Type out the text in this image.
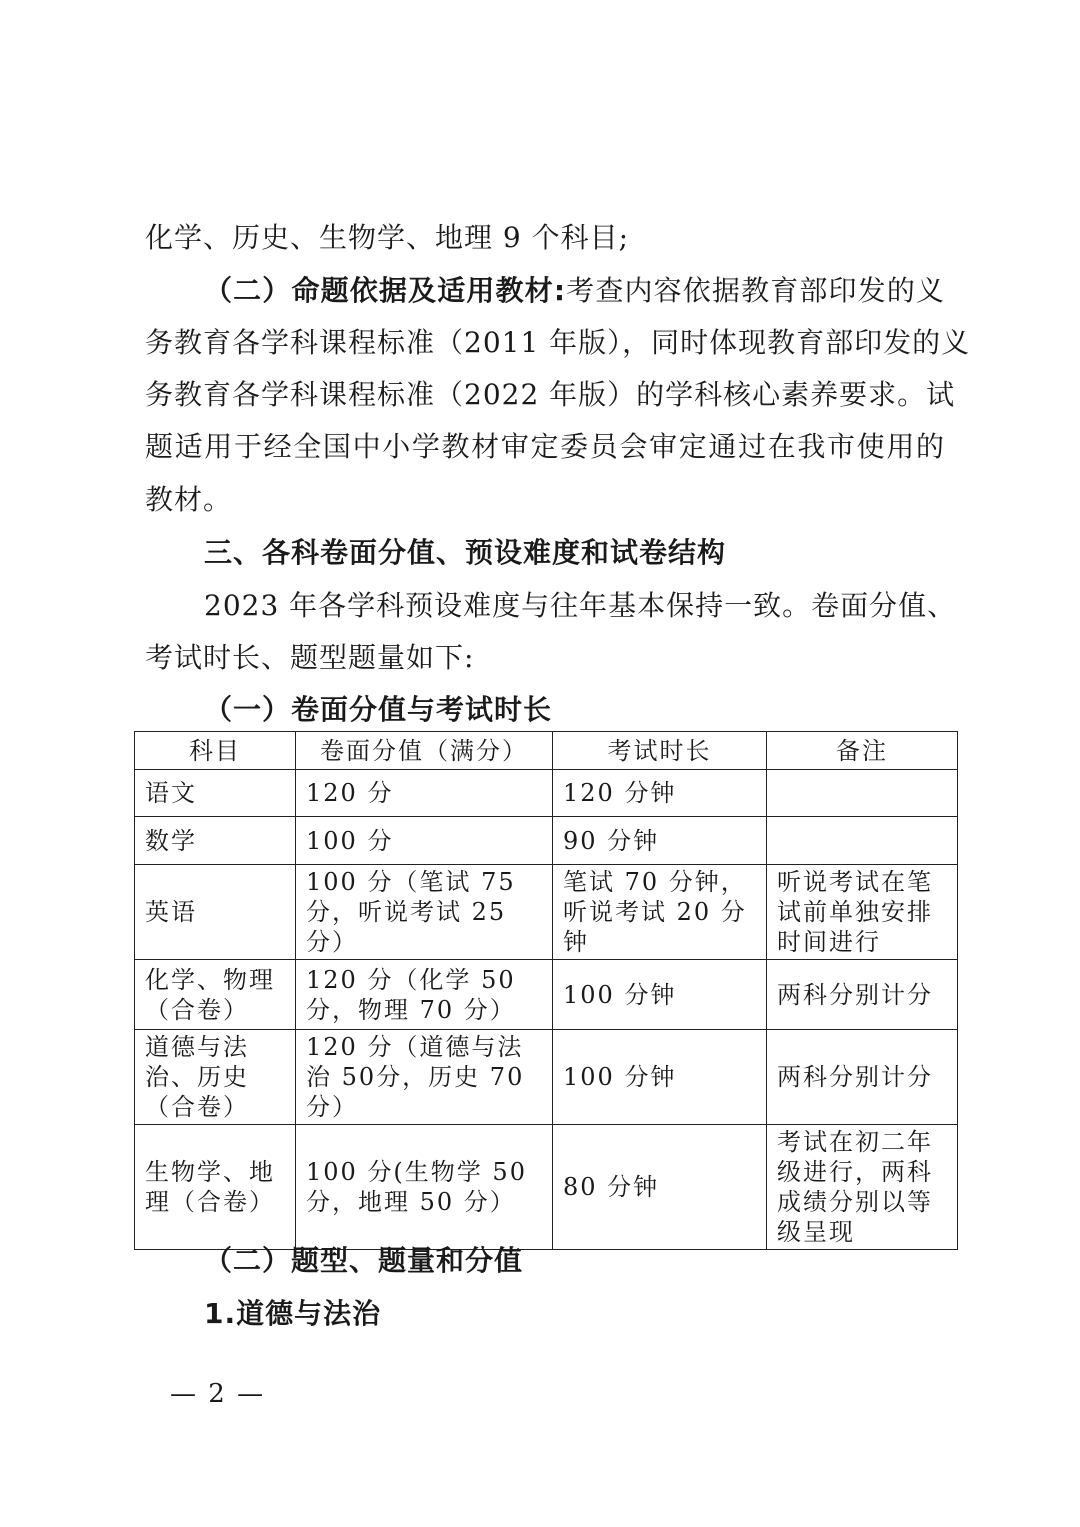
化学、历史、生物学、地理 9 个科目;
（二）命题依据及适用教材:考查内容依据教育部印发的义
务教育各学科课程标准（2011 年版），同时体现教育部印发的义
务教育各学科课程标准（2022 年版）的学科核心素养要求。试
题适用于经全国中小学教材审定委员会审定通过在我市使用的
教材。
三、各科卷面分值、预设难度和试卷结构
2023 年各学科预设难度与往年基本保持一致。卷面分值、
考试时长、题型题量如下:
（一）卷面分值与考试时长
科目	卷面分值（满分）	考试时长	备注
语文	120 分	120 分钟	
数学	100 分	90 分钟	
英语	100 分（笔试 75 分，听说考试 25 分）	笔试 70 分钟，听说考试 20 分钟	听说考试在笔试前单独安排时间进行
化学、物理（合卷）	120 分（化学 50 分，物理 70 分）	100 分钟	两科分别计分
道德与法治、历史（合卷）	120 分（道德与法治 50分，历史 70 分）	100 分钟	两科分别计分
生物学、地理（合卷）	100 分(生物学 50 分，地理 50 分）	80 分钟	考试在初二年级进行，两科成绩分别以等级呈现
（二）题型、题量和分值
1.道德与法治
— 2 —
